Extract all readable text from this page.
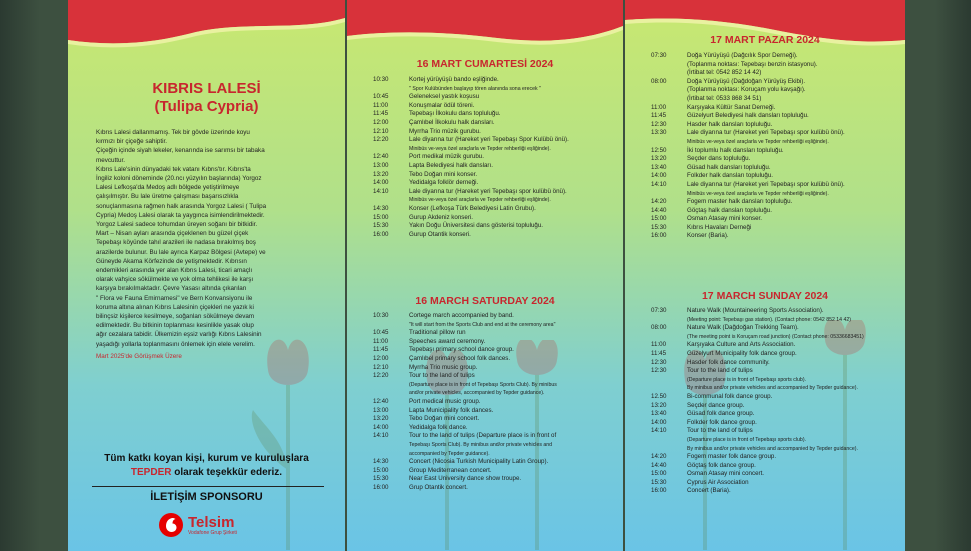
KIBRIS LALESİ
(Tulipa Cypria)

Kıbrıs Lalesi dallanmamış. Tek bir gövde üzerinde koyu

kırmızı bir çiçeğe sahiptir.

Çiçeğin içinde siyah lekeler, kenarında ise sarımsı bir tabaka

mevcuttur.

Kıbrıs Lale'sinin dünyadaki tek vatanı Kıbrıs'tır. Kıbrıs'ta

İngiliz koloni döneminde (20.ncı yüzyılın başlarında) Yorgoz

Lalesi Lefkoşa'da Medoş adlı bölgede yetiştirilmeye

çalışılmıştır. Bu lale üretme çalışması başarısızlıkla

sonuçlanmasına rağmen halk arasında Yorgoz Lalesi ( Tulipa

Cypria) Medoş Lalesi olarak ta yaygınca isimlendirilmektedir.

Yorgoz Lalesi sadece tohumdan üreyen soğanı bir bitkidir.

Mart – Nisan ayları arasında çiçeklenen bu güzel çiçek

Tepebaşı köyünde tahıl arazileri ile nadasa bırakılmış boş

arazilerde bulunur. Bu lale ayrıca Karpaz Bölgesi (Avtepe) ve

Güneyde Akama Körfezinde de yetişmektedir. Kıbrısın

endemikleri arasında yer alan Kıbrıs Lalesi, ticari amaçlı

olarak vahşice sökülmekte ve yok olma tehlikesi ile karşı

karşıya bırakılmaktadır. Çevre Yasası altında çıkarılan

" Flora ve Fauna Emirnamesi" ve Bern Konvansiyonu ile

koruma altına alınan Kıbrıs Lalesinin çiçekleri ne yazık ki

bilinçsiz kişilerce kesilmeye, soğanları sökülmeye devam

edilmektedir. Bu bitkinin toplanması kesinlikle yasak olup

ağır cezalara tabidir. Ülkemizin eşsiz varlığı Kıbrıs Lalesinin

yaşadığı yollarla toplanmasını önlemek için elele verelim.

Mart 2025'de Görüşmek Üzere
Tüm katkı koyan kişi, kurum ve kuruluşlara
TEPDER olarak teşekkür ederiz.
İLETİŞİM SPONSORU
Telsim
Vodafone Grup Şirketi
16 MART CUMARTESİ 2024
10:30	Kortej yürüyüşü bando eşliğinde.
'' Spor Kulübünden başlayıp tören alanında sona erecek ''
10:45	Geleneksel yastık koşusu
11:00	Konuşmalar ödül töreni.
11:45	Tepebaşı İlkokulu dans topluluğu.
12:00	Çamlıbel İlkokulu halk dansları.
12:10	Myrrha Trio müzik gurubu.
12:20	Lale diyarına tur (Hareket yeri Tepebaşı Spor Kulübü önü).
Minibüs ve-veya özel araçlarla ve Tepder rehberliği eşliğinde).
12:40	Port medikal müzik gurubu.
13:00	Lapta Belediyesi halk dansları.
13:20	Tebo Doğan mini konser.
14:00	Yedidalga folklör derneği.
14:10	Lale diyarına tur (Hareket yeri Tepebaşı spor kulübü önü).
Minibüs ve-veya özel araçlarla ve Tepder rehberliği eşliğinde).
14:30	Konser (Lefkoşa Türk Belediyesi Latin Grubu).
15:00	Gurup Akdeniz konseri.
15:30	Yakın Doğu Üniversitesi dans gösterisi topluluğu.
16:00	Gurup Otantik konseri.
16 MARCH SATURDAY 2024
10:30	Cortege march accompanied by band.
"It will start from the Sports Club and end at the ceremony area"
10:45	Traditional pillow run
11:00	Speeches award ceremony.
11:45	Tepebaşı primary school dance group.
12:00	Çamlıbel primary school folk dances.
12:10	Myrrha Trio music group.
12:20	Tour to the land of tulips
(Departure place is in front of Tepebaşı Sports Club). By minibus
and/or private vehicles, accompanied by Tepder guidance).
12:40	Port medical music group.
13:00	Lapta Municipality folk dances.
13:20	Tebo Doğan mini concert.
14:00	Yedidalga folk dance.
14:10	Tour to the land of tulips (Departure place is in front of
Tepebaşı Sports Club). By minibus and/or private vehicles and
accompanied by Tepder guidance).
14:30	Concert (Nicosia Turkish Municipality Latin Group).
15:00	Group Mediterranean concert.
15:30	Near East University dance show troupe.
16:00	Grup Otantik concert.
17 MART PAZAR 2024
07:30	Doğa Yürüyüşü (Dağcılık Spor Derneği).
(Toplanma noktası: Tepebaşı benzin istasyonu).
(İrtibat tel: 0542 852 14 42)
08:00	Doğa Yürüyüşü (Dağdoğan Yürüyüş Ekibi).
(Toplanma noktası: Koruçam yolu kavşağı).
(İrtibat tel: 0533 868 34 51)
11:00	Karşıyaka Kültür Sanat Derneği.
11:45	Güzelyurt Belediyesi halk dansları topluluğu.
12:30	Hasder halk dansları topluluğu.
13:30	Lale diyarına tur (Hareket yeri Tepebaşı spor kulübü önü).
Minibüs ve-veya özel araçlarla ve Tepder rehberliği eşliğinde).
12:50	İki toplumlu halk dansları topluluğu.
13:20	Seçder dans topluluğu.
13:40	Güsad halk dansları topluluğu.
14:00	Folkder halk dansları topluluğu.
14:10	Lale diyarına tur (Hareket yeri Tepebaşı spor kulübü önü).
Minibüs ve-veya özel araçlarla ve Tepder rehberliği eşliğinde).
14:20	Fogem master halk dansları topluluğu.
14:40	Göçtaş halk dansları topluluğu.
15:00	Osman Atasay mini konser.
15:30	Kıbrıs Havaları Derneği
16:00	Konser (Baria).
17 MARCH SUNDAY 2024
07:30	Nature Walk (Mountaineering Sports Association).
(Meeting point: Tepebaşı gas station). (Contact phone: 0542 852 14 42)
08:00	Nature Walk (Dağdoğan Trekking Team).
(The meeting point is Koruçam road junction) (Contact phone: 05336683451)
11:00	Karşıyaka Culture and Arts Association.
11:45	Güzelyurt Municipality folk dance group.
12:30	Hasder folk dance community.
12:30	Tour to the land of tulips
(Departure place is in front of Tepebaşı sports club).
By minibus and/or private vehicles and accompanied by Tepder guidance).
12.50	Bi-communal folk dance group.
13:20	Seçder dance group.
13:40	Güsad folk dance group.
14:00	Folkder folk dance group.
14:10	Tour to the land of tulips
(Departure place is in front of Tepebaşı sports club).
By minibus and/or private vehicles and accompanied by Tepder guidance).
14:20	Fogem master folk dance group.
14:40	Göçtaş folk dance group.
15:00	Osman Atasay mini concert.
15:30	Cyprus Air Association
16:00	Concert (Baria).
